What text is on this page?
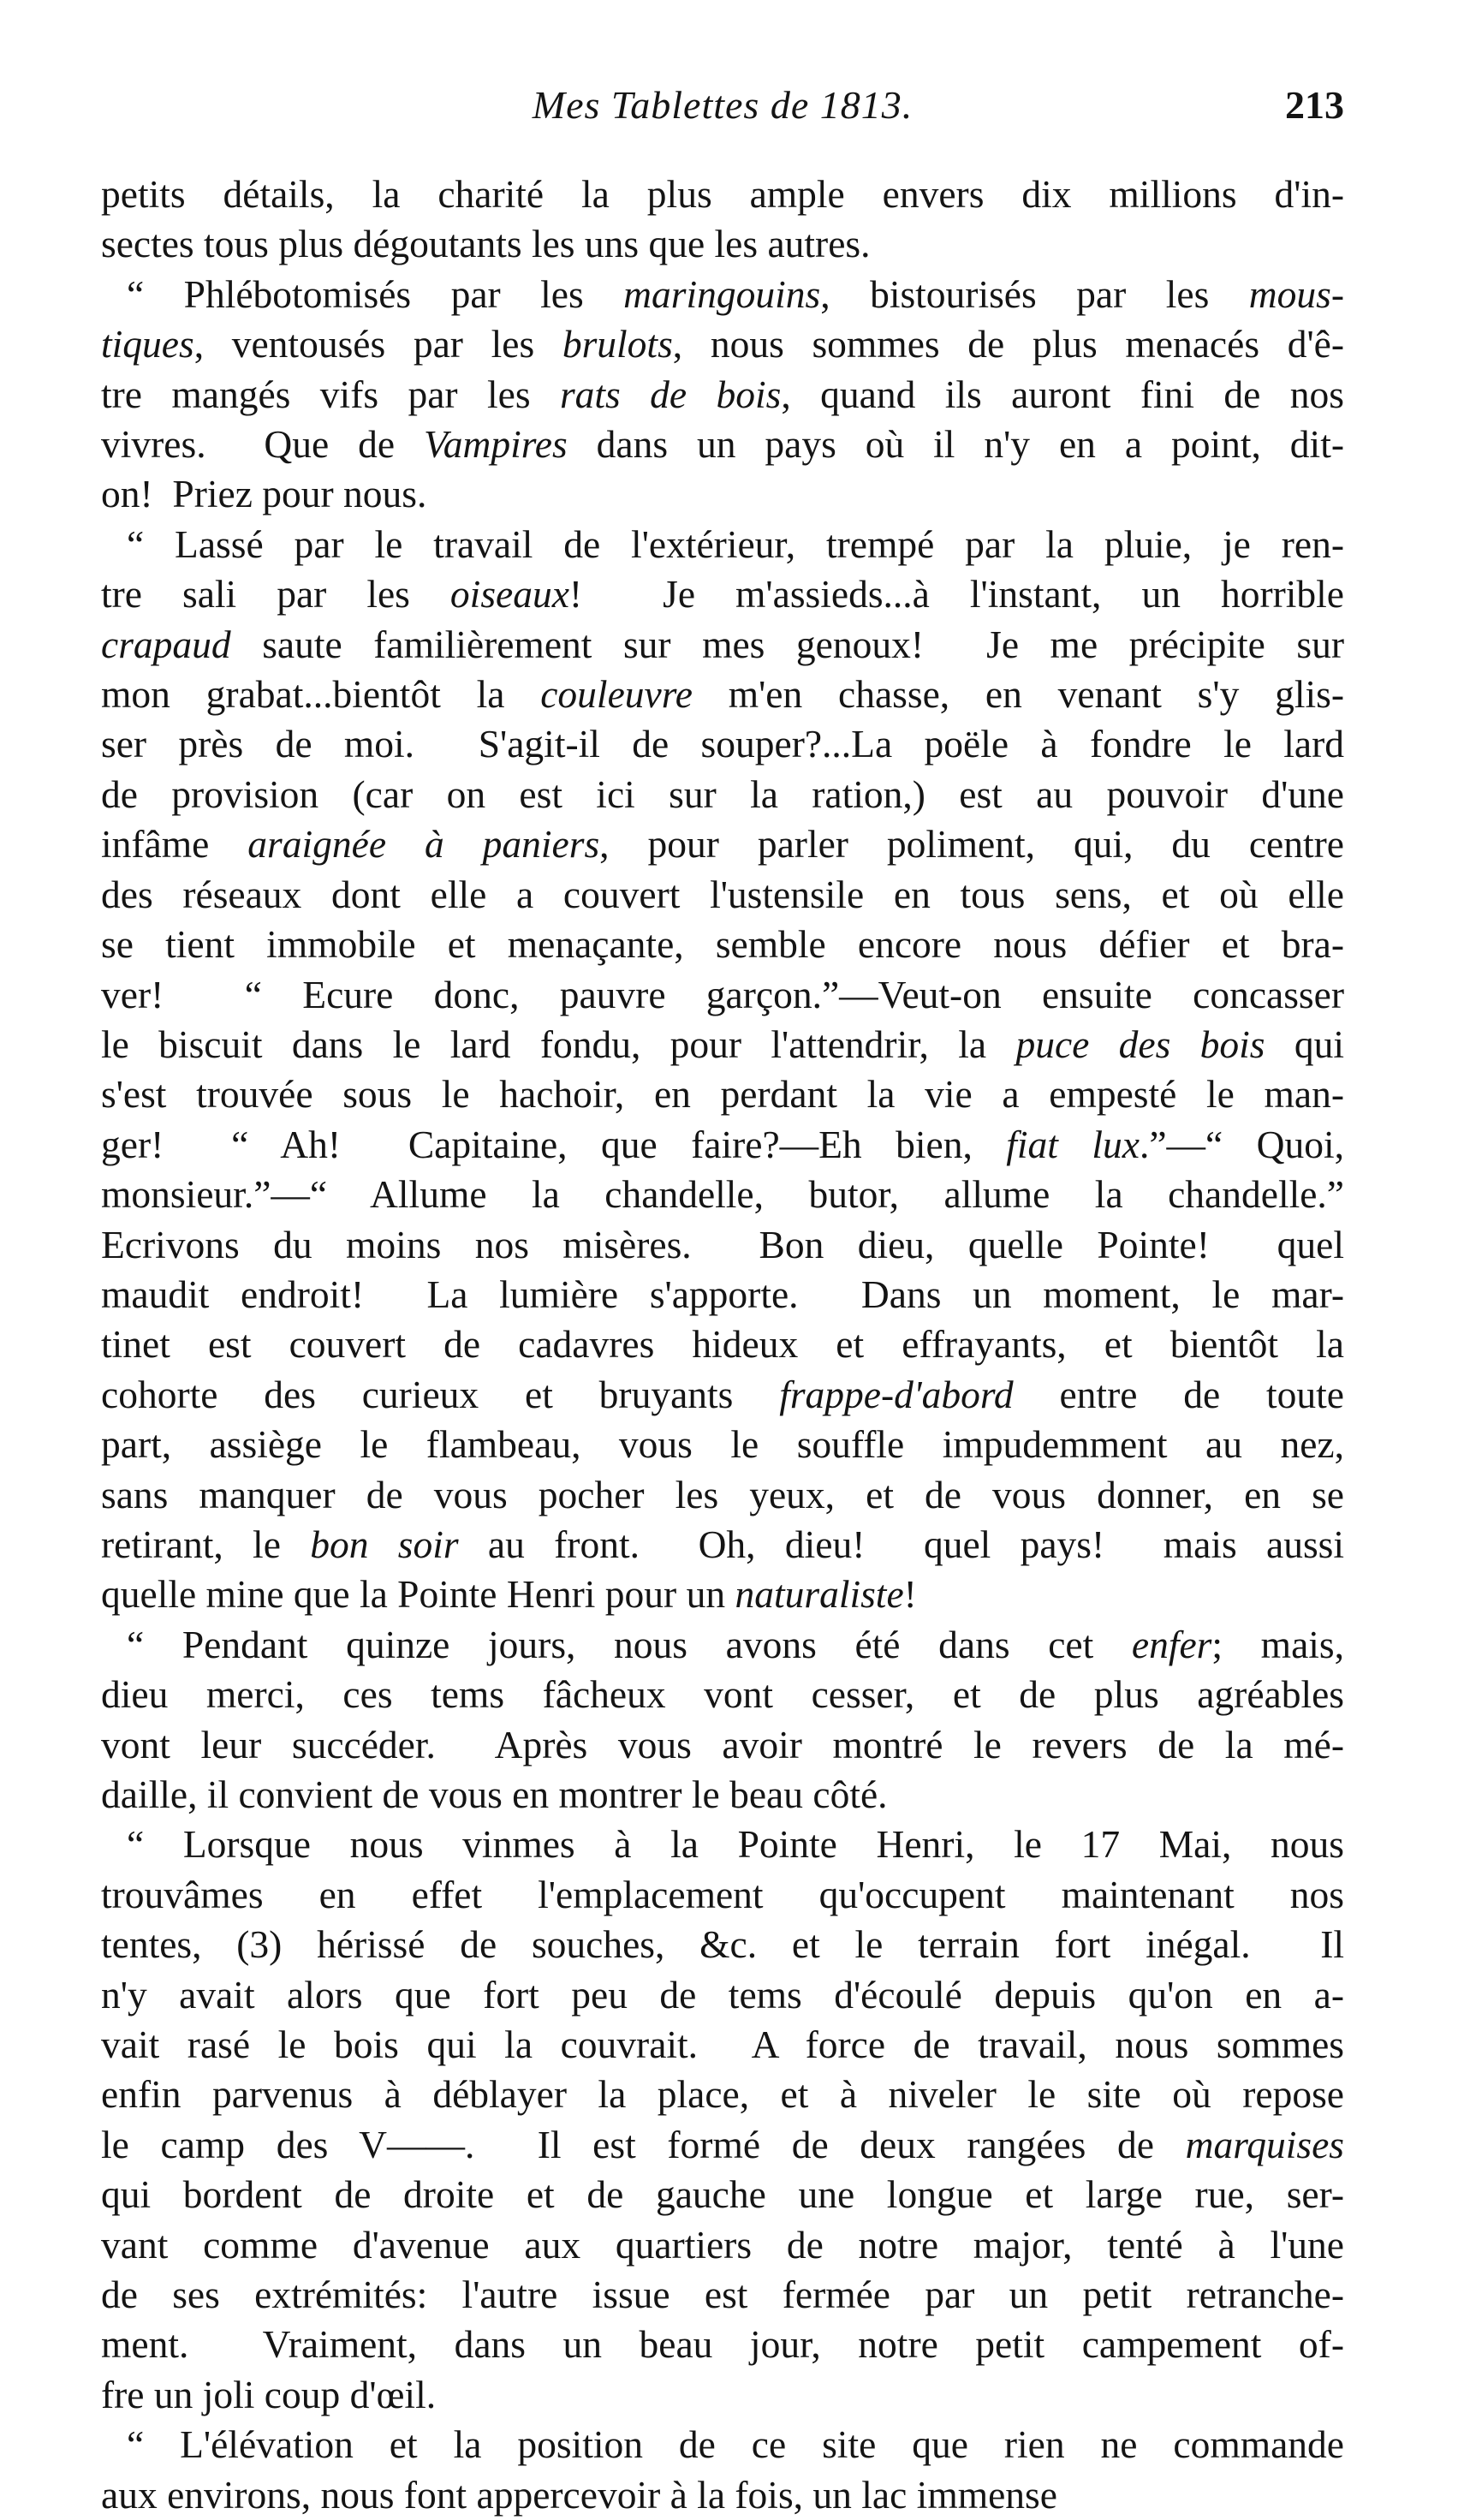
Mes Tablettes de 1813.	213
petits détails, la charité la plus ample envers dix millions d'in-
sectes tous plus dégoutants les uns que les autres.
“ Phlébotomisés par les maringouins, bistourisés par les mous-
tiques, ventousés par les brulots, nous sommes de plus menacés d'ê-
tre mangés vifs par les rats de bois, quand ils auront fini de nos
vivres.  Que de Vampires dans un pays où il n'y en a point, dit-
on!  Priez pour nous.
“ Lassé par le travail de l'extérieur, trempé par la pluie, je ren-
tre sali par les oiseaux!  Je m'assieds...à l'instant, un horrible
crapaud saute familièrement sur mes genoux!  Je me précipite sur
mon grabat...bientôt la couleuvre m'en chasse, en venant s'y glis-
ser près de moi.  S'agit-il de souper?...La poële à fondre le lard
de provision (car on est ici sur la ration,) est au pouvoir d'une
infâme araignée à paniers, pour parler poliment, qui, du centre
des réseaux dont elle a couvert l'ustensile en tous sens, et où elle
se tient immobile et menaçante, semble encore nous défier et bra-
ver!  “ Ecure donc, pauvre garçon.”—Veut-on ensuite concasser
le biscuit dans le lard fondu, pour l'attendrir, la puce des bois qui
s'est trouvée sous le hachoir, en perdant la vie a empesté le man-
ger!  “ Ah!  Capitaine, que faire?—Eh bien, fiat lux.”—“ Quoi,
monsieur.”—“ Allume la chandelle, butor, allume la chandelle.”
Ecrivons du moins nos misères.  Bon dieu, quelle Pointe!  quel
maudit endroit!  La lumière s'apporte.  Dans un moment, le mar-
tinet est couvert de cadavres hideux et effrayants, et bientôt la
cohorte des curieux et bruyants frappe-d'abord entre de toute
part, assiège le flambeau, vous le souffle impudemment au nez,
sans manquer de vous pocher les yeux, et de vous donner, en se
retirant, le bon soir au front.  Oh, dieu!  quel pays!  mais aussi
quelle mine que la Pointe Henri pour un naturaliste!
“ Pendant quinze jours, nous avons été dans cet enfer; mais,
dieu merci, ces tems fâcheux vont cesser, et de plus agréables
vont leur succéder.  Après vous avoir montré le revers de la mé-
daille, il convient de vous en montrer le beau côté.
“ Lorsque nous vinmes à la Pointe Henri, le 17 Mai, nous
trouvâmes en effet l'emplacement qu'occupent maintenant nos
tentes, (3) hérissé de souches, &c. et le terrain fort inégal.  Il
n'y avait alors que fort peu de tems d'écoulé depuis qu'on en a-
vait rasé le bois qui la couvrait.  A force de travail, nous sommes
enfin parvenus à déblayer la place, et à niveler le site où repose
le camp des V——.  Il est formé de deux rangées de marquises
qui bordent de droite et de gauche une longue et large rue, ser-
vant comme d'avenue aux quartiers de notre major, tenté à l'une
de ses extrémités: l'autre issue est fermée par un petit retranche-
ment.  Vraiment, dans un beau jour, notre petit campement of-
fre un joli coup d'œil.
“ L'élévation et la position de ce site que rien ne commande
aux environs, nous font appercevoir à la fois, un lac immense
